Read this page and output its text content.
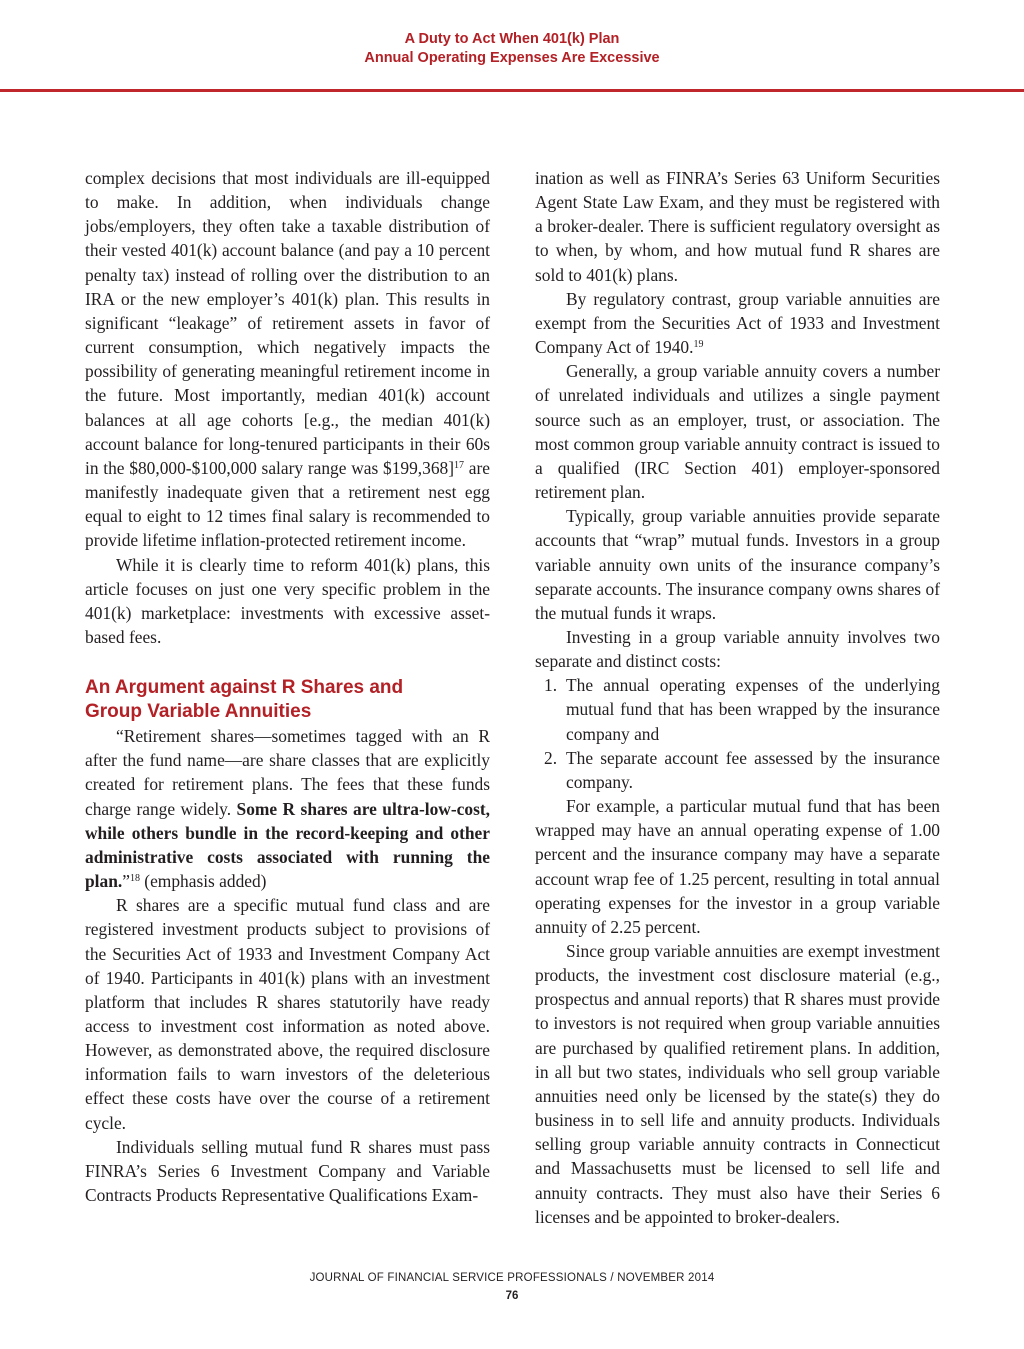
A Duty to Act When 401(k) Plan
Annual Operating Expenses Are Excessive

complex decisions that most individuals are ill-equipped to make. In addition, when individuals change jobs/employers, they often take a taxable distribution of their vested 401(k) account balance (and pay a 10 percent penalty tax) instead of rolling over the distribution to an IRA or the new employer’s 401(k) plan. This results in significant “leakage” of retirement assets in favor of current consumption, which negatively impacts the possibility of generating meaningful retirement income in the future. Most importantly, median 401(k) account balances at all age cohorts [e.g., the median 401(k) account balance for long-tenured participants in their 60s in the $80,000-$100,000 salary range was $199,368]$^{17}$ are manifestly inadequate given that a retirement nest egg equal to eight to 12 times final salary is recommended to provide lifetime inflation-protected retirement income.

While it is clearly time to reform 401(k) plans, this article focuses on just one very specific problem in the 401(k) marketplace: investments with excessive asset-based fees.

An Argument against R Shares and
Group Variable Annuities

“Retirement shares—sometimes tagged with an R after the fund name—are share classes that are explicitly created for retirement plans. The fees that these funds charge range widely. Some R shares are ultra-low-cost, while others bundle in the record-keeping and other administrative costs associated with running the plan.”$^{18}$ (emphasis added)

R shares are a specific mutual fund class and are registered investment products subject to provisions of the Securities Act of 1933 and Investment Company Act of 1940. Participants in 401(k) plans with an investment platform that includes R shares statutorily have ready access to investment cost information as noted above. However, as demonstrated above, the required disclosure information fails to warn investors of the deleterious effect these costs have over the course of a retirement cycle.

Individuals selling mutual fund R shares must pass FINRA’s Series 6 Investment Company and Variable Contracts Products Representative Qualifications Exam-

ination as well as FINRA’s Series 63 Uniform Securities Agent State Law Exam, and they must be registered with a broker-dealer. There is sufficient regulatory oversight as to when, by whom, and how mutual fund R shares are sold to 401(k) plans.

By regulatory contrast, group variable annuities are exempt from the Securities Act of 1933 and Investment Company Act of 1940.19

Generally, a group variable annuity covers a number of unrelated individuals and utilizes a single payment source such as an employer, trust, or association. The most common group variable annuity contract is issued to a qualified (IRC Section 401) employer-sponsored retirement plan.

Typically, group variable annuities provide separate accounts that “wrap” mutual funds. Investors in a group variable annuity own units of the insurance company’s separate accounts. The insurance company owns shares of the mutual funds it wraps.

Investing in a group variable annuity involves two separate and distinct costs:

1. The annual operating expenses of the underlying mutual fund that has been wrapped by the insurance company and
2. The separate account fee assessed by the insurance company.

For example, a particular mutual fund that has been wrapped may have an annual operating expense of 1.00 percent and the insurance company may have a separate account wrap fee of 1.25 percent, resulting in total annual operating expenses for the investor in a group variable annuity of 2.25 percent.

Since group variable annuities are exempt investment products, the investment cost disclosure material (e.g., prospectus and annual reports) that R shares must provide to investors is not required when group variable annuities are purchased by qualified retirement plans. In addition, in all but two states, individuals who sell group variable annuities need only be licensed by the state(s) they do business in to sell life and annuity products. Individuals selling group variable annuity contracts in Connecticut and Massachusetts must be licensed to sell life and annuity contracts. They must also have their Series 6 licenses and be appointed to broker-dealers.

JOURNAL OF FINANCIAL SERVICE PROFESSIONALS / NOVEMBER 2014
76
